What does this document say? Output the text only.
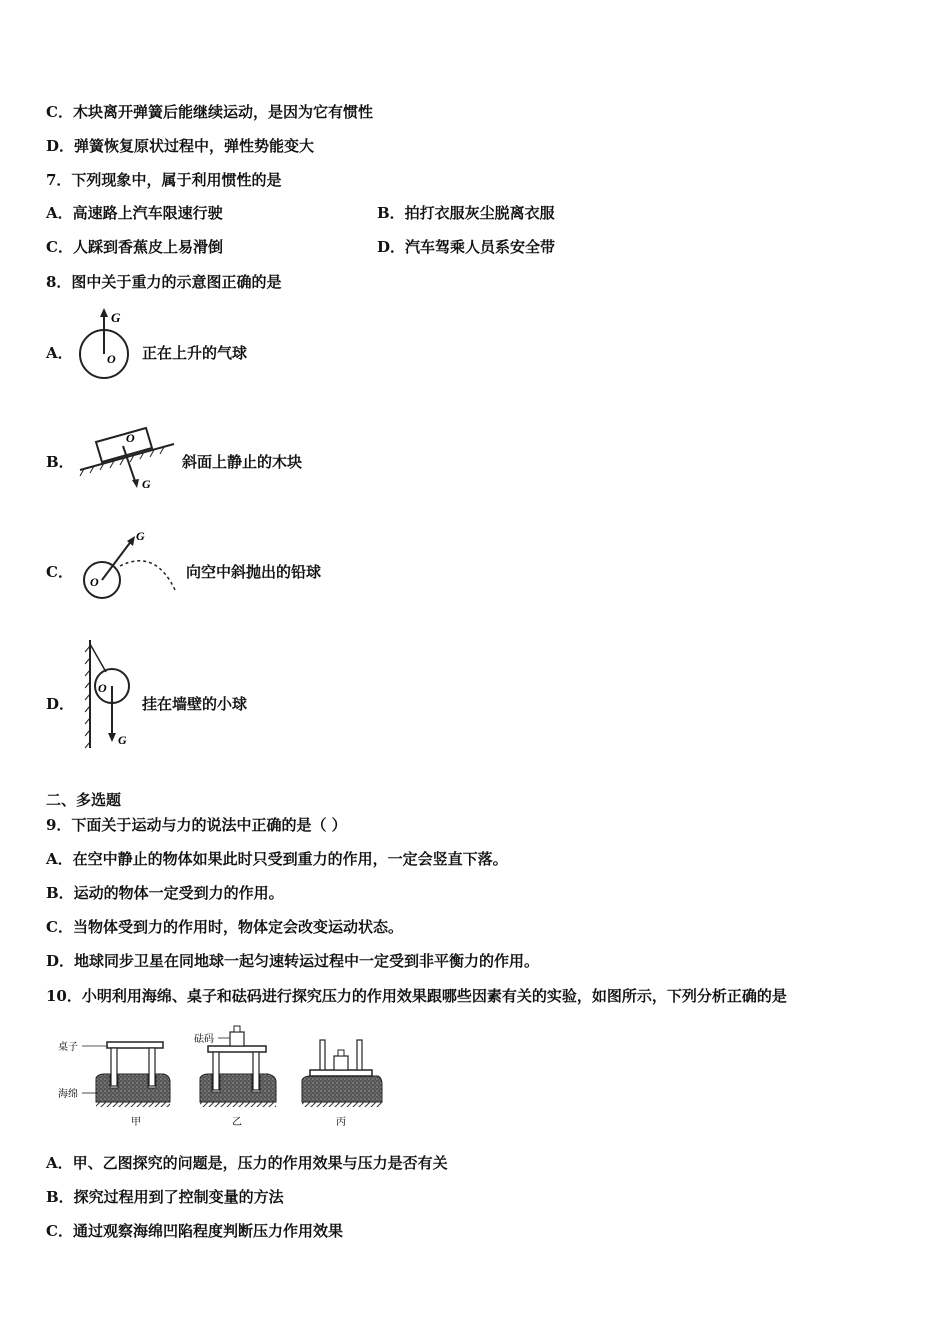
C．木块离开弹簧后能继续运动，是因为它有惯性
D．弹簧恢复原状过程中，弹性势能变大
7．下列现象中，属于利用惯性的是
A．高速路上汽车限速行驶	B．拍打衣服灰尘脱离衣服
C．人踩到香蕉皮上易滑倒	D．汽车驾乘人员系安全带
8．图中关于重力的示意图正确的是
A．
G
O 正在上升的气球
B．
O
G
斜面上静止的木块
C．
G
O
向空中斜抛出的铅球
D．
O
G
挂在墙壁的小球
二、多选题
9．下面关于运动与力的说法中正确的是（ ）
A．在空中静止的物体如果此时只受到重力的作用，一定会竖直下落。
B．运动的物体一定受到力的作用。
C．当物体受到力的作用时，物体定会改变运动状态。
D．地球同步卫星在同地球一起匀速转运过程中一定受到非平衡力的作用。
10．小明利用海绵、桌子和砝码进行探究压力的作用效果跟哪些因素有关的实验，如图所示，下列分析正确的是
桌子
海绵
甲
砝码
乙	丙
A．甲、乙图探究的问题是，压力的作用效果与压力是否有关
B．探究过程用到了控制变量的方法
C．通过观察海绵凹陷程度判断压力作用效果
